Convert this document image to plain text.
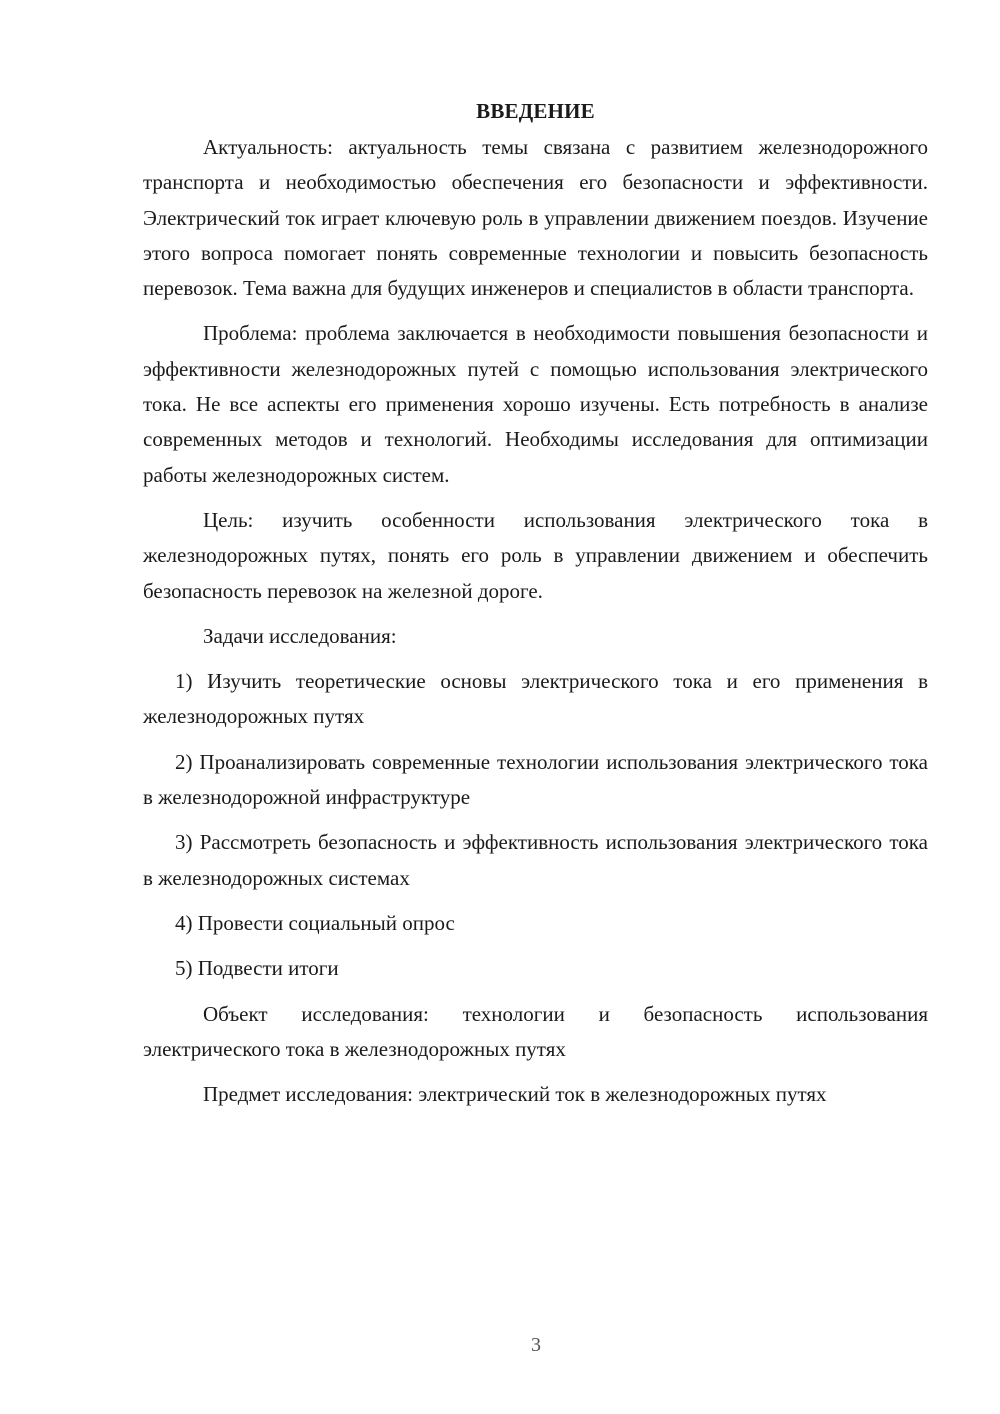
ВВЕДЕНИЕ

Актуальность: актуальность темы связана с развитием железнодорожного транспорта и необходимостью обеспечения его безопасности и эффективности. Электрический ток играет ключевую роль в управлении движением поездов. Изучение этого вопроса помогает понять современные технологии и повысить безопасность перевозок. Тема важна для будущих инженеров и специалистов в области транспорта.

Проблема: проблема заключается в необходимости повышения безопасности и эффективности железнодорожных путей с помощью использования электрического тока. Не все аспекты его применения хорошо изучены. Есть потребность в анализе современных методов и технологий. Необходимы исследования для оптимизации работы железнодорожных систем.

Цель: изучить особенности использования электрического тока в железнодорожных путях, понять его роль в управлении движением и обеспечить безопасность перевозок на железной дороге.

Задачи исследования:

1) Изучить теоретические основы электрического тока и его применения в железнодорожных путях

2) Проанализировать современные технологии использования электрического тока в железнодорожной инфраструктуре

3) Рассмотреть безопасность и эффективность использования электрического тока в железнодорожных системах

4) Провести социальный опрос

5) Подвести итоги

Объект исследования: технологии и безопасность использования электрического тока в железнодорожных путях

Предмет исследования: электрический ток в железнодорожных путях

3
